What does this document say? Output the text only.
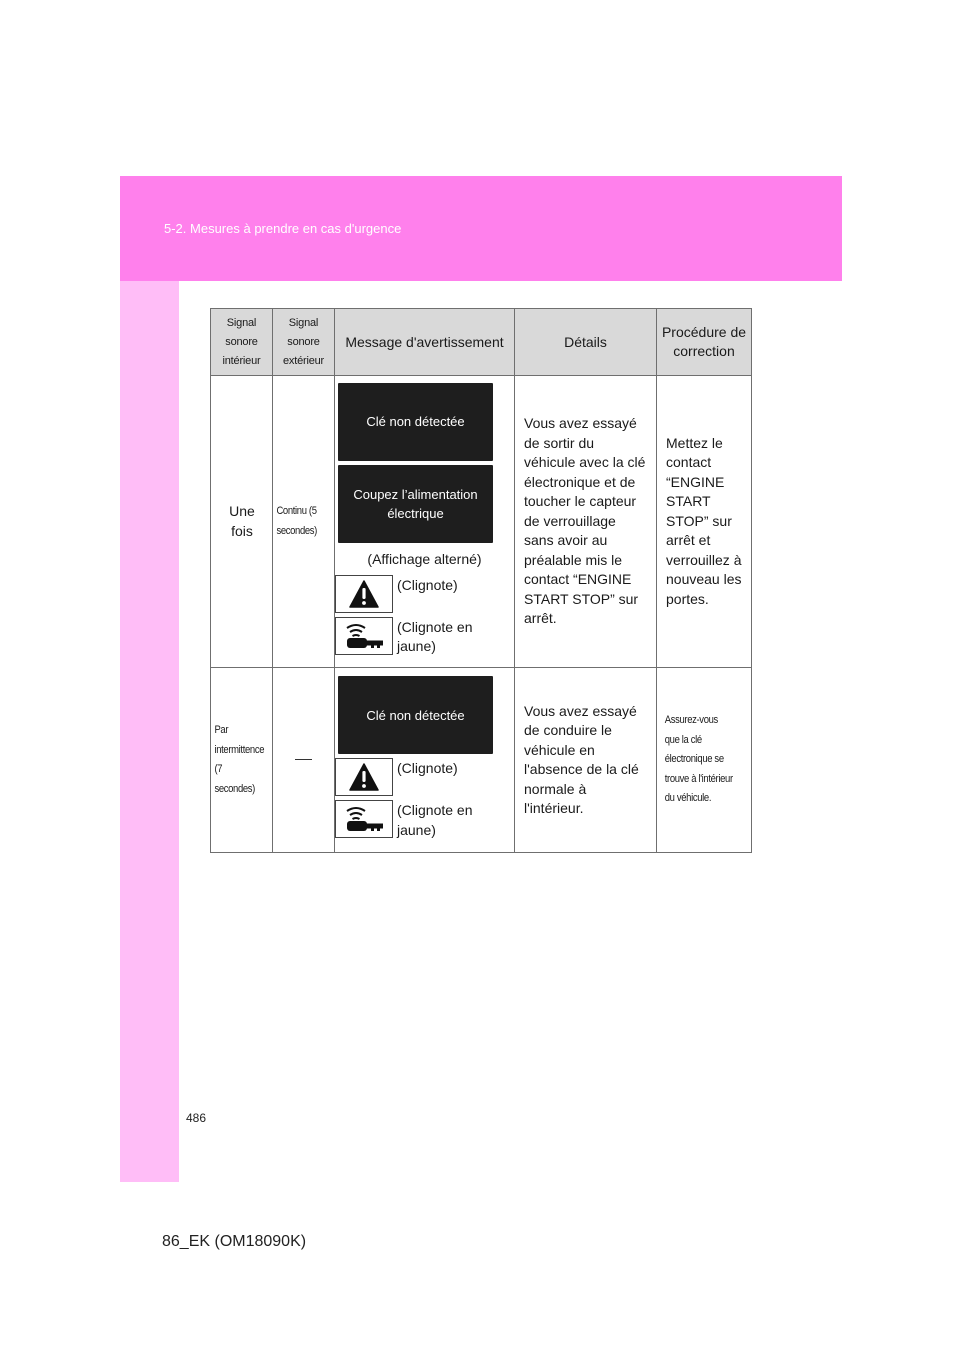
5-2. Mesures à prendre en cas d'urgence
Signal sonore intérieur	Signal sonore extérieur	Message d'avertissement	Détails	Procédure de correction

Une fois	Continu (5 secondes)	Clé non détectée
Coupez l’alimentation électrique
(Affichage alterné)
(Clignote)
(Clignote en jaune)	Vous avez essayé de sortir du véhicule avec la clé électronique et de toucher le capteur de verrouillage sans avoir au préalable mis le contact “ENGINE START STOP” sur arrêt.	Mettez le contact “ENGINE START STOP” sur arrêt et verrouillez à nouveau les portes.

Par intermittence (7 secondes)		Clé non détectée
(Clignote)
(Clignote en jaune)	Vous avez essayé de conduire le véhicule en l'absence de la clé normale à l'intérieur.	Assurez-vous que la clé électronique se trouve à l'intérieur du véhicule.
486
86_EK (OM18090K)
